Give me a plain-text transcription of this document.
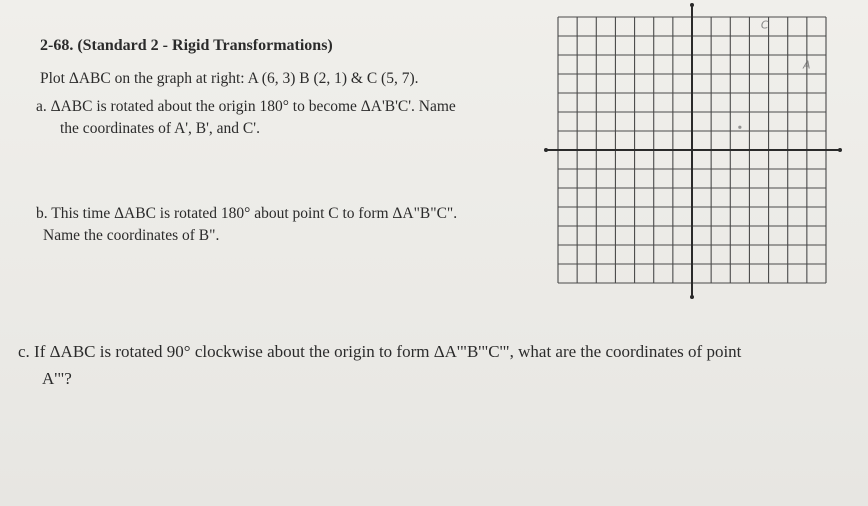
2-68. (Standard 2 - Rigid Transformations)
Plot ΔABC on the graph at right: A (6, 3) B (2, 1) & C (5, 7).
a. ΔABC is rotated about the origin 180° to become ΔA'B'C'. Name
the coordinates of A', B', and C'.
b. This time ΔABC is rotated 180° about point C to form ΔA"B"C".
Name the coordinates of B".
c. If ΔABC is rotated 90° clockwise about the origin to form ΔA'"B'"C'", what are the coordinates of point
A'"?
C
A
